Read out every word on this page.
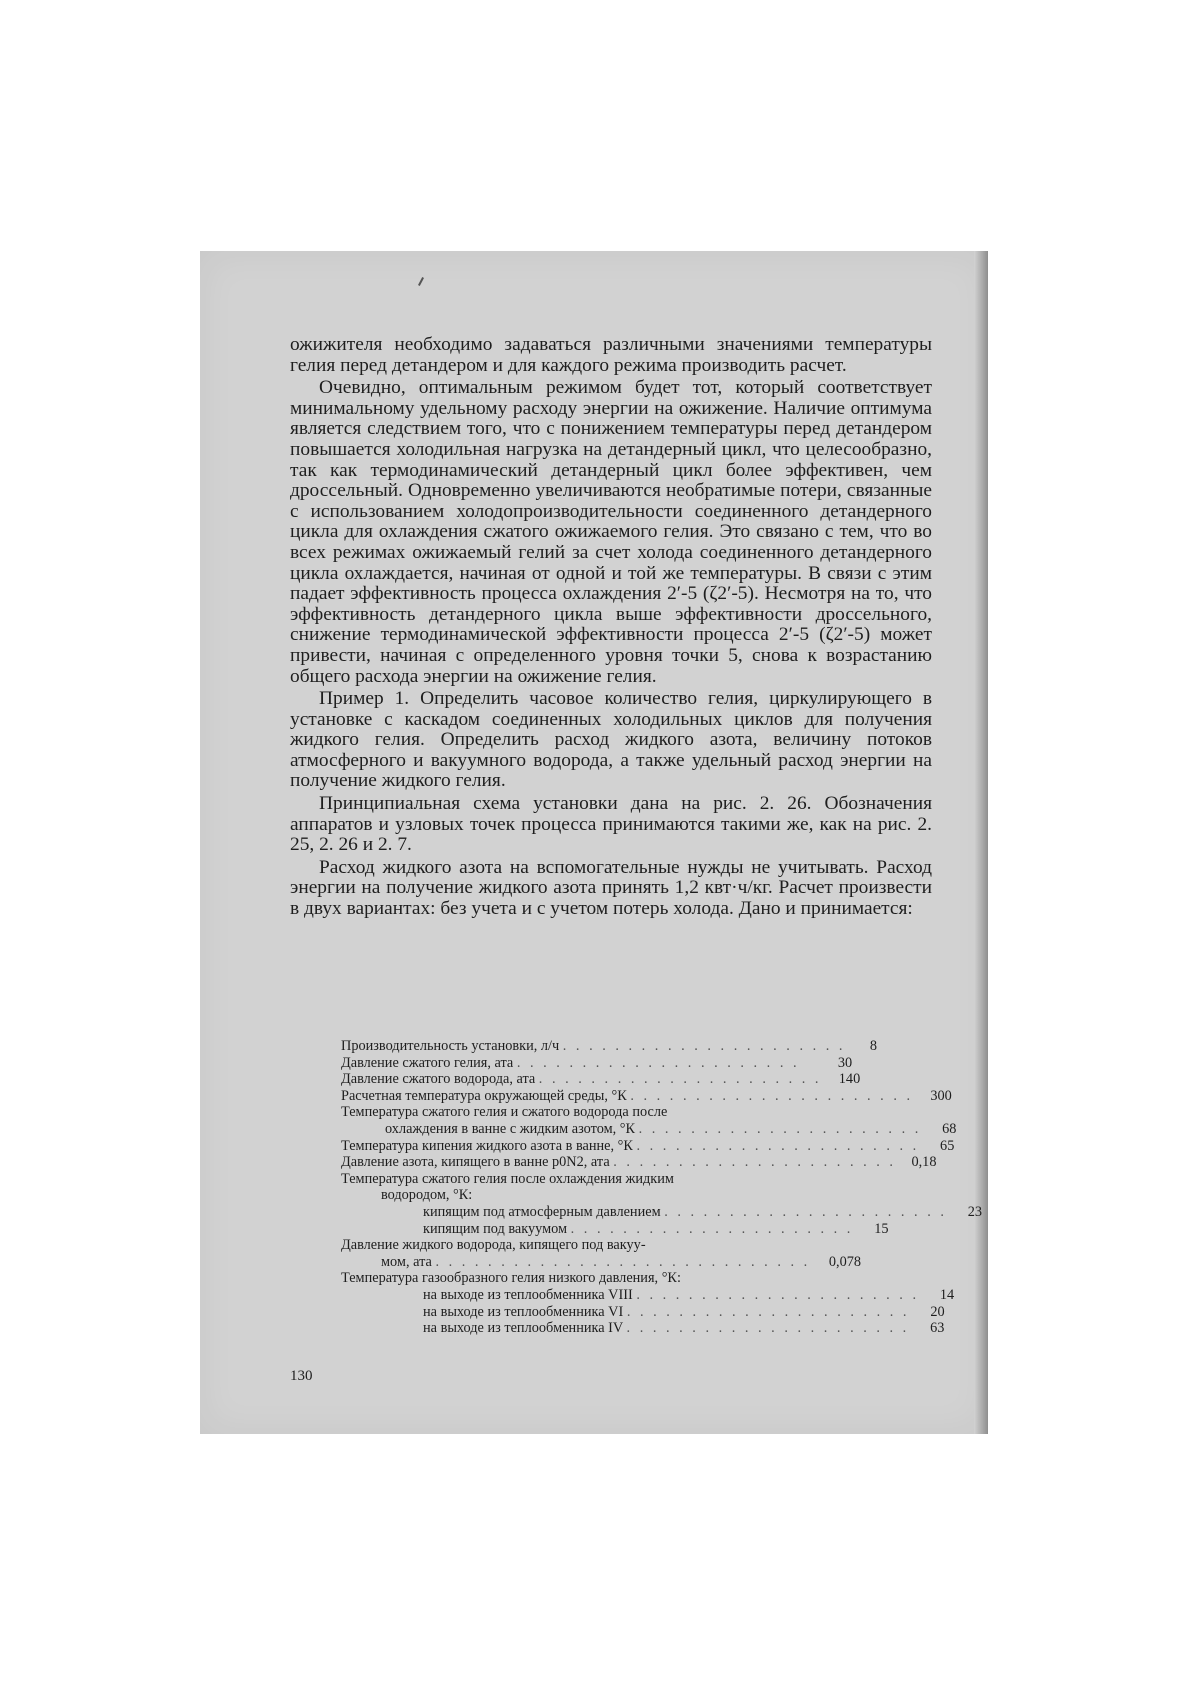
ожижителя необходимо задаваться различными значениями температуры гелия перед детандером и для каждого режима производить расчет.

Очевидно, оптимальным режимом будет тот, который соответствует минимальному удельному расходу энергии на ожижение. Наличие оптимума является следствием того, что с понижением температуры перед детандером повышается холодильная нагрузка на детандерный цикл, что целесообразно, так как термодинамический детандерный цикл более эффективен, чем дроссельный. Одновременно увеличиваются необратимые потери, связанные с использованием холодопроизводительности соединенного детандерного цикла для охлаждения сжатого ожижаемого гелия. Это связано с тем, что во всех режимах ожижаемый гелий за счет холода соединенного детандерного цикла охлаждается, начиная от одной и той же температуры. В связи с этим падает эффективность процесса охлаждения 2′-5 (ζ2′-5). Несмотря на то, что эффективность детандерного цикла выше эффективности дроссельного, снижение термодинамической эффективности процесса 2′-5 (ζ2′-5) может привести, начиная с определенного уровня точки 5, снова к возрастанию общего расхода энергии на ожижение гелия.

Пример 1. Определить часовое количество гелия, циркулирующего в установке с каскадом соединенных холодильных циклов для получения жидкого гелия. Определить расход жидкого азота, величину потоков атмосферного и вакуумного водорода, а также удельный расход энергии на получение жидкого гелия.

Принципиальная схема установки дана на рис. 2. 26. Обозначения аппаратов и узловых точек процесса принимаются такими же, как на рис. 2. 25, 2. 26 и 2. 7.

Расход жидкого азота на вспомогательные нужды не учитывать. Расход энергии на получение жидкого азота принять 1,2 квт·ч/кг. Расчет произвести в двух вариантах: без учета и с учетом потерь холода. Дано и принимается:

Производительность установки, л/ч . . . . . . . . . . . . . . . . . . . . . .	8
Давление сжатого гелия, ата . . . . . . . . . . . . . . . . . . . . . .	30
Давление сжатого водорода, ата . . . . . . . . . . . . . . . . . . . . . .	140
Расчетная температура окружающей среды, °К . . . . . . . . . . . . . . . . . . . . . .	300
Температура сжатого гелия и сжатого водорода после
охлаждения в ванне с жидким азотом, °К . . . . . . . . . . . . . . . . . . . . . .	68
Температура кипения жидкого азота в ванне, °К . . . . . . . . . . . . . . . . . . . . . .	65
Давление азота, кипящего в ванне p0N2, ата . . . . . . . . . . . . . . . . . . . . . .	0,18
Температура сжатого гелия после охлаждения жидким
водородом, °К:
кипящим под атмосферным давлением . . . . . . . . . . . . . . . . . . . . . .	23
кипящим под вакуумом . . . . . . . . . . . . . . . . . . . . . .	15
Давление жидкого водорода, кипящего под вакуу-
мом, ата . . . . . . . . . . . . . . . . . . . . . . . . . . . . .	0,078
Температура газообразного гелия низкого давления, °К:
на выходе из теплообменника VIII . . . . . . . . . . . . . . . . . . . . . .	14
на выходе из теплообменника VI . . . . . . . . . . . . . . . . . . . . . .	20
на выходе из теплообменника IV . . . . . . . . . . . . . . . . . . . . . .	63
130
